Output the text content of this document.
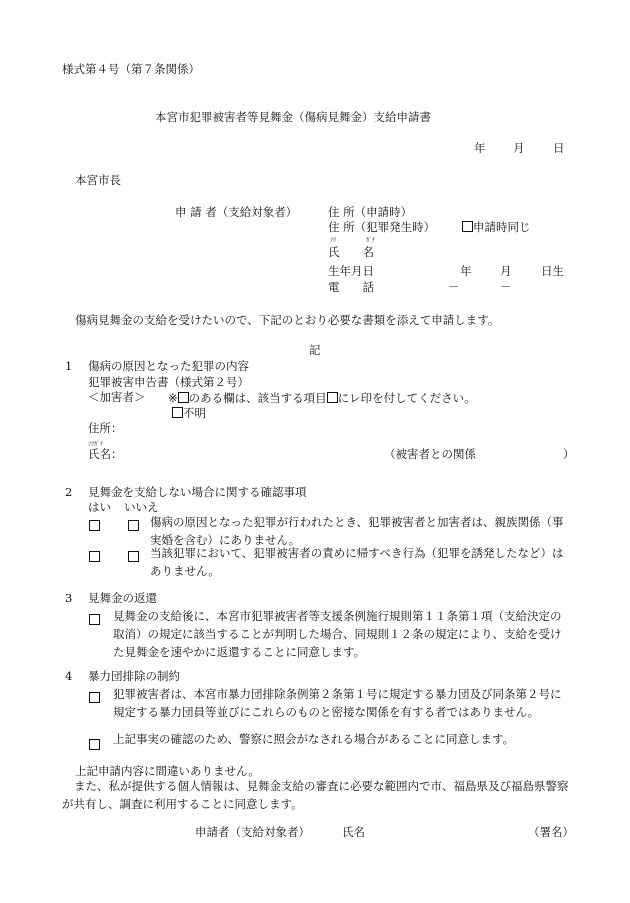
様式第４号（第７条関係）
本宮市犯罪被害者等見舞金（傷病見舞金）支給申請書
年 月 日
本宮市長
申 請 者（支給対象者）	住 所（申請時）
住 所（犯罪発生時）	申請時同じ
ﾌﾘ	ｶﾞﾅ
氏　　名
生年月日	年 月	日生
電　　話	－	－
傷病見舞金の支給を受けたいので、下記のとおり必要な書類を添えて申請します。
記
1 傷病の原因となった犯罪の内容
犯罪被害申告書（様式第２号）
＜加害者＞ ※ のある欄は、該当する項目 にレ印を付してください。
不明
住所：
ﾌﾘｶﾞﾅ
氏名：	（被害者との関係	）
2 見舞金を支給しない場合に関する確認事項
はい いいえ
傷病の原因となった犯罪が行われたとき、犯罪被害者と加害者は、親族関係（事実婚を含む）にありません。
当該犯罪において、犯罪被害者の責めに帰すべき行為（犯罪を誘発したなど）はありません。
3 見舞金の返還
見舞金の支給後に、本宮市犯罪被害者等支援条例施行規則第１１条第１項（支給決定の取消）の規定に該当することが判明した場合、同規則１２条の規定により、支給を受けた見舞金を速やかに返還することに同意します。
4 暴力団排除の制約
犯罪被害者は、本宮市暴力団排除条例第２条第１号に規定する暴力団及び同条第２号に規定する暴力団員等並びにこれらのものと密接な関係を有する者ではありません。
上記事実の確認のため、警察に照会がなされる場合があることに同意します。
上記申請内容に間違いありません。
また、私が提供する個人情報は、見舞金支給の審査に必要な範囲内で市、福島県及び福島県警察が共有し、調査に利用することに同意します。
申請者（支給対象者）	氏名	（署名）
